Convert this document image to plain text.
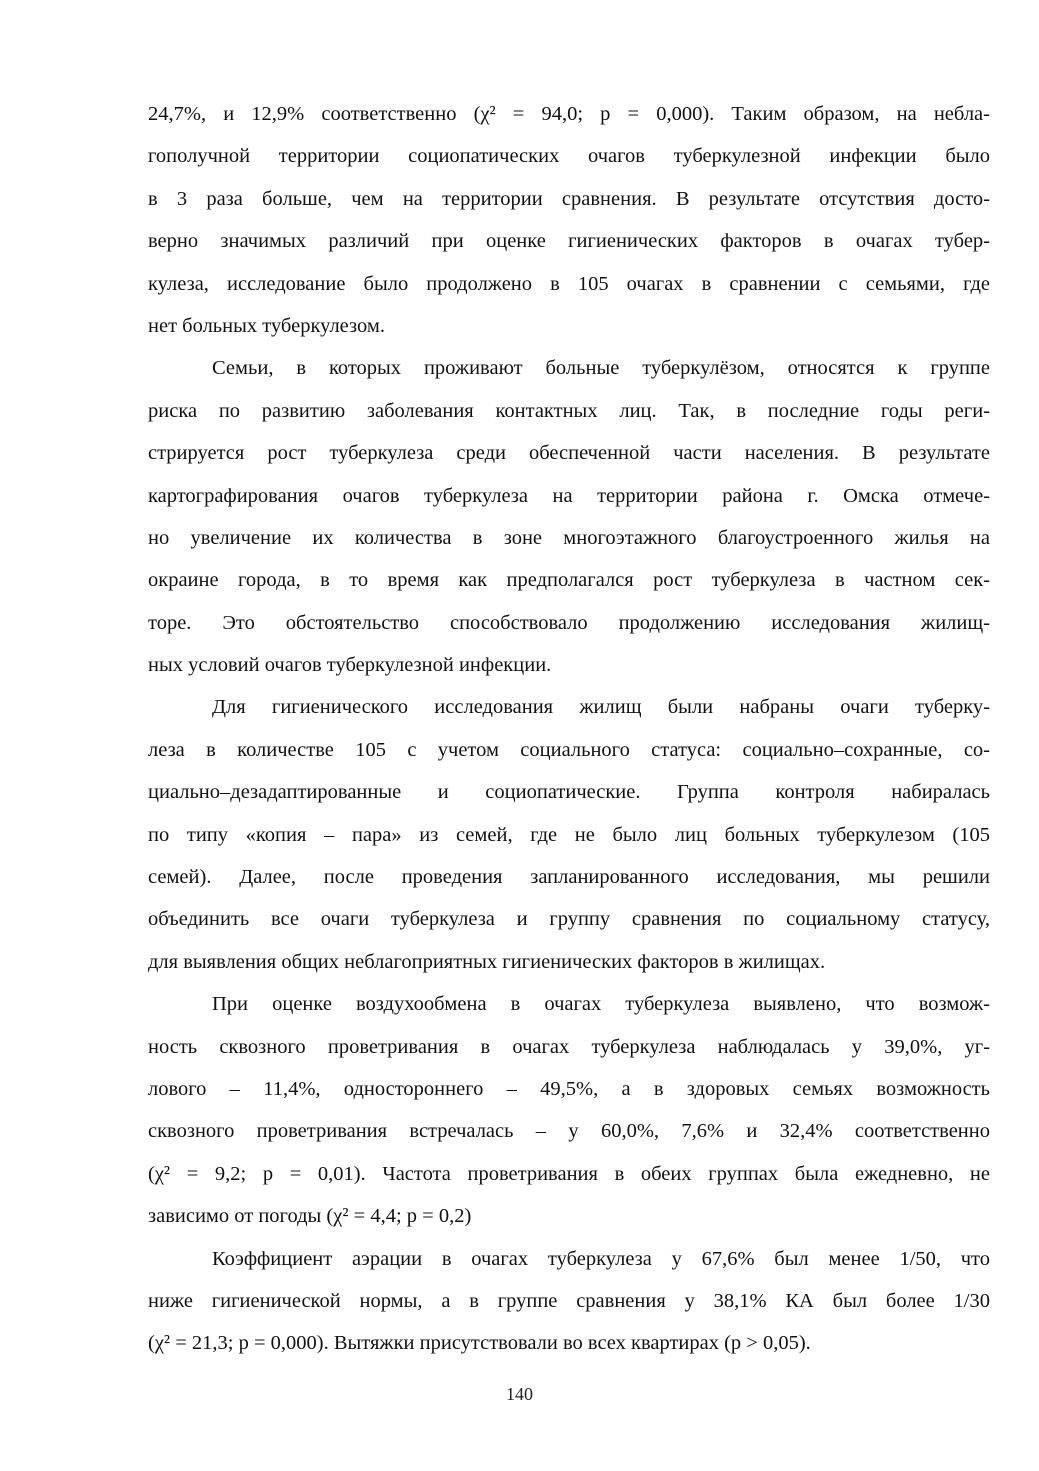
24,7%, и 12,9% соответственно (χ² = 94,0; р = 0,000). Таким образом, на небла-
гополучной территории социопатических очагов туберкулезной инфекции было
в 3 раза больше, чем на территории сравнения. В результате отсутствия досто-
верно значимых различий при оценке гигиенических факторов в очагах тубер-
кулеза, исследование было продолжено в 105 очагах в сравнении с семьями, где
нет больных туберкулезом.
Семьи, в которых проживают больные туберкулёзом, относятся к группе
риска по развитию заболевания контактных лиц. Так, в последние годы реги-
стрируется рост туберкулеза среди обеспеченной части населения. В результате
картографирования очагов туберкулеза на территории района г. Омска отмече-
но увеличение их количества в зоне многоэтажного благоустроенного жилья на
окраине города, в то время как предполагался рост туберкулеза в частном сек-
торе. Это обстоятельство способствовало продолжению исследования жилищ-
ных условий очагов туберкулезной инфекции.
Для гигиенического исследования жилищ были набраны очаги туберку-
леза в количестве 105 с учетом социального статуса: социально–сохранные, со-
циально–дезадаптированные и социопатические. Группа контроля набиралась
по типу «копия – пара» из семей, где не было лиц больных туберкулезом (105
семей). Далее, после проведения запланированного исследования, мы решили
объединить все очаги туберкулеза и группу сравнения по социальному статусу,
для выявления общих неблагоприятных гигиенических факторов в жилищах.
При оценке воздухообмена в очагах туберкулеза выявлено, что возмож-
ность сквозного проветривания в очагах туберкулеза наблюдалась у 39,0%, уг-
лового – 11,4%, одностороннего – 49,5%, а в здоровых семьях возможность
сквозного проветривания встречалась – у 60,0%, 7,6% и 32,4% соответственно
(χ² = 9,2; р = 0,01). Частота проветривания в обеих группах была ежедневно, не
зависимо от погоды (χ² = 4,4; р = 0,2)
Коэффициент аэрации в очагах туберкулеза у 67,6% был менее 1/50, что
ниже гигиенической нормы, а в группе сравнения у 38,1% КА был более 1/30
(χ² = 21,3; р = 0,000). Вытяжки присутствовали во всех квартирах (р > 0,05).
140
